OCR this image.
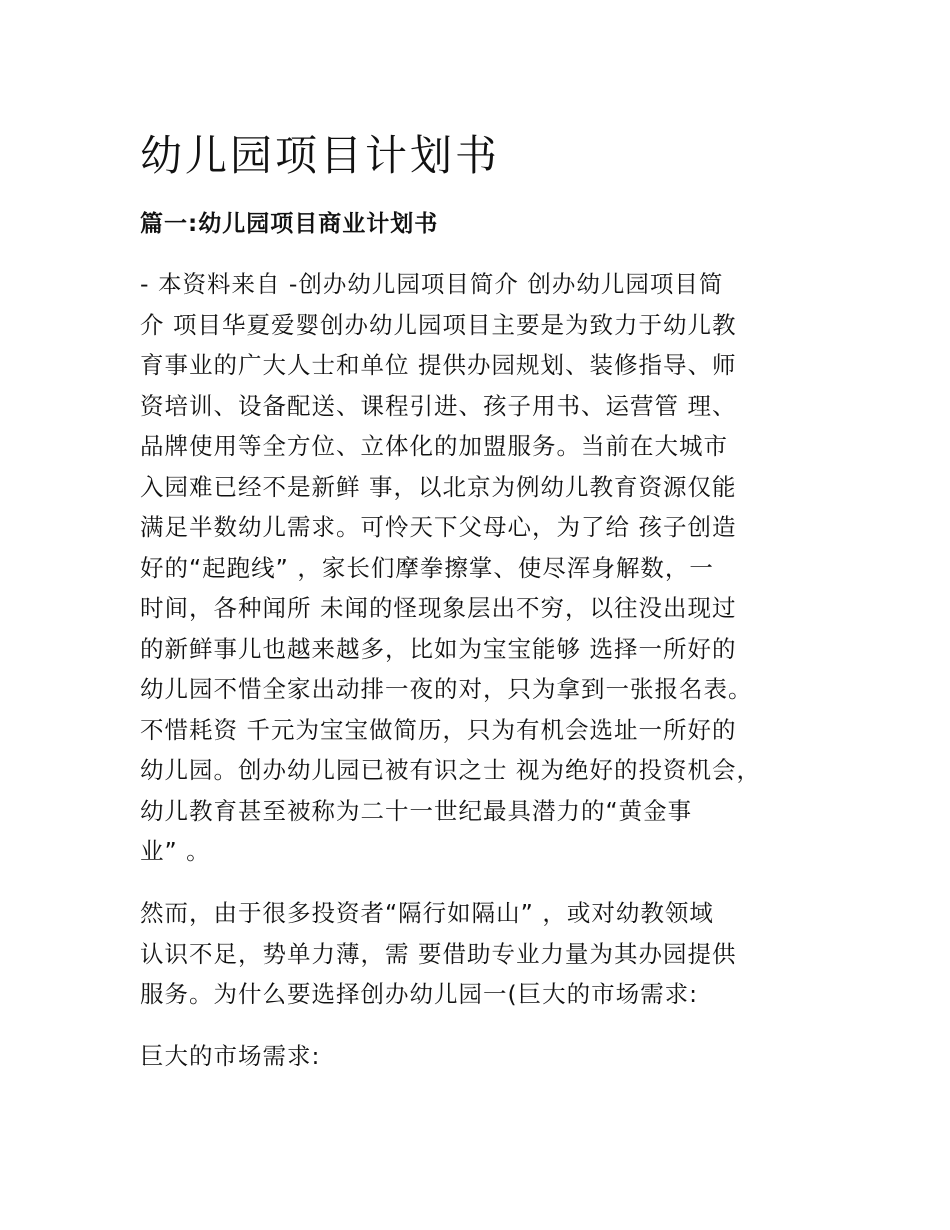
幼儿园项目计划书
篇一:幼儿园项目商业计划书

- 本资料来自 -创办幼儿园项目简介 创办幼儿园项目简
介 项目华夏爱婴创办幼儿园项目主要是为致力于幼儿教
育事业的广大人士和单位 提供办园规划、装修指导、师
资培训、设备配送、课程引进、孩子用书、运营管 理、
品牌使用等全方位、立体化的加盟服务。当前在大城市
入园难已经不是新鲜 事，以北京为例幼儿教育资源仅能
满足半数幼儿需求。可怜天下父母心，为了给 孩子创造
好的“起跑线” ，家长们摩拳擦掌、使尽浑身解数，一
时间，各种闻所 未闻的怪现象层出不穷，以往没出现过
的新鲜事儿也越来越多，比如为宝宝能够 选择一所好的
幼儿园不惜全家出动排一夜的对，只为拿到一张报名表。
不惜耗资 千元为宝宝做简历，只为有机会选址一所好的
幼儿园。创办幼儿园已被有识之士 视为绝好的投资机会，
幼儿教育甚至被称为二十一世纪最具潜力的“黄金事
业” 。

然而，由于很多投资者“隔行如隔山” ，或对幼教领域
认识不足，势单力薄，需 要借助专业力量为其办园提供
服务。为什么要选择创办幼儿园一(巨大的市场需求:

巨大的市场需求:
